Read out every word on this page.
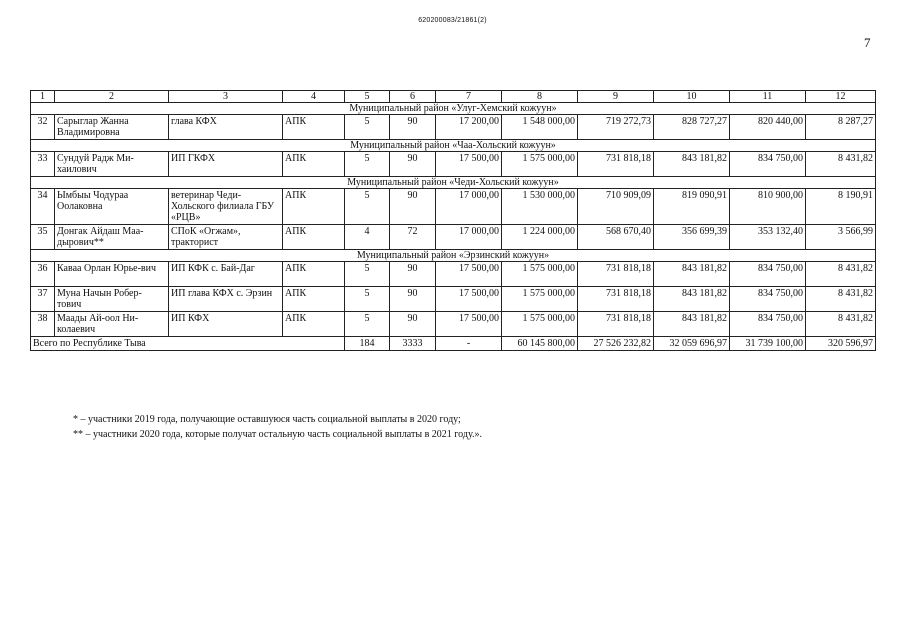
620200083/21861(2)
7
1	2	3	4	5	6	7	8	9	10	11	12
Муниципальный район «Улуг-Хемский кожуун»											
32	Сарыглар Жанна Владимировна	глава КФХ	АПК	5	90	17 200,00	1 548 000,00	719 272,73	828 727,27	820 440,00	8 287,27
Муниципальный район «Чаа-Хольский кожуун»											
33	Сундуй Радж Ми-хаилович	ИП ГКФХ	АПК	5	90	17 500,00	1 575 000,00	731 818,18	843 181,82	834 750,00	8 431,82
Муниципальный район «Чеди-Хольский кожуун»											
34	Ымбыы Чодураа Оолаковна	ветеринар Чеди-Хольского филиала ГБУ «РЦВ»	АПК	5	90	17 000,00	1 530 000,00	710 909,09	819 090,91	810 900,00	8 190,91
35	Донгак Айдаш Маа-дырович**	СПоК «Огжам», тракторист	АПК	4	72	17 000,00	1 224 000,00	568 670,40	356 699,39	353 132,40	3 566,99
Муниципальный район «Эрзинский кожуун»											
36	Каваа Орлан Юрье-вич	ИП КФК с. Бай-Даг	АПК	5	90	17 500,00	1 575 000,00	731 818,18	843 181,82	834 750,00	8 431,82
37	Муна Начын Робер-тович	ИП глава КФХ с. Эрзин	АПК	5	90	17 500,00	1 575 000,00	731 818,18	843 181,82	834 750,00	8 431,82
38	Маады Ай-оол Ни-колаевич	ИП КФХ	АПК	5	90	17 500,00	1 575 000,00	731 818,18	843 181,82	834 750,00	8 431,82
Всего по Республике Тыва				184	3333	-	60 145 800,00	27 526 232,82	32 059 696,97	31 739 100,00	320 596,97
* – участники 2019 года, получающие оставшуюся часть социальной выплаты в 2020 году;
** – участники 2020 года, которые получат остальную часть социальной выплаты в 2021 году.».
